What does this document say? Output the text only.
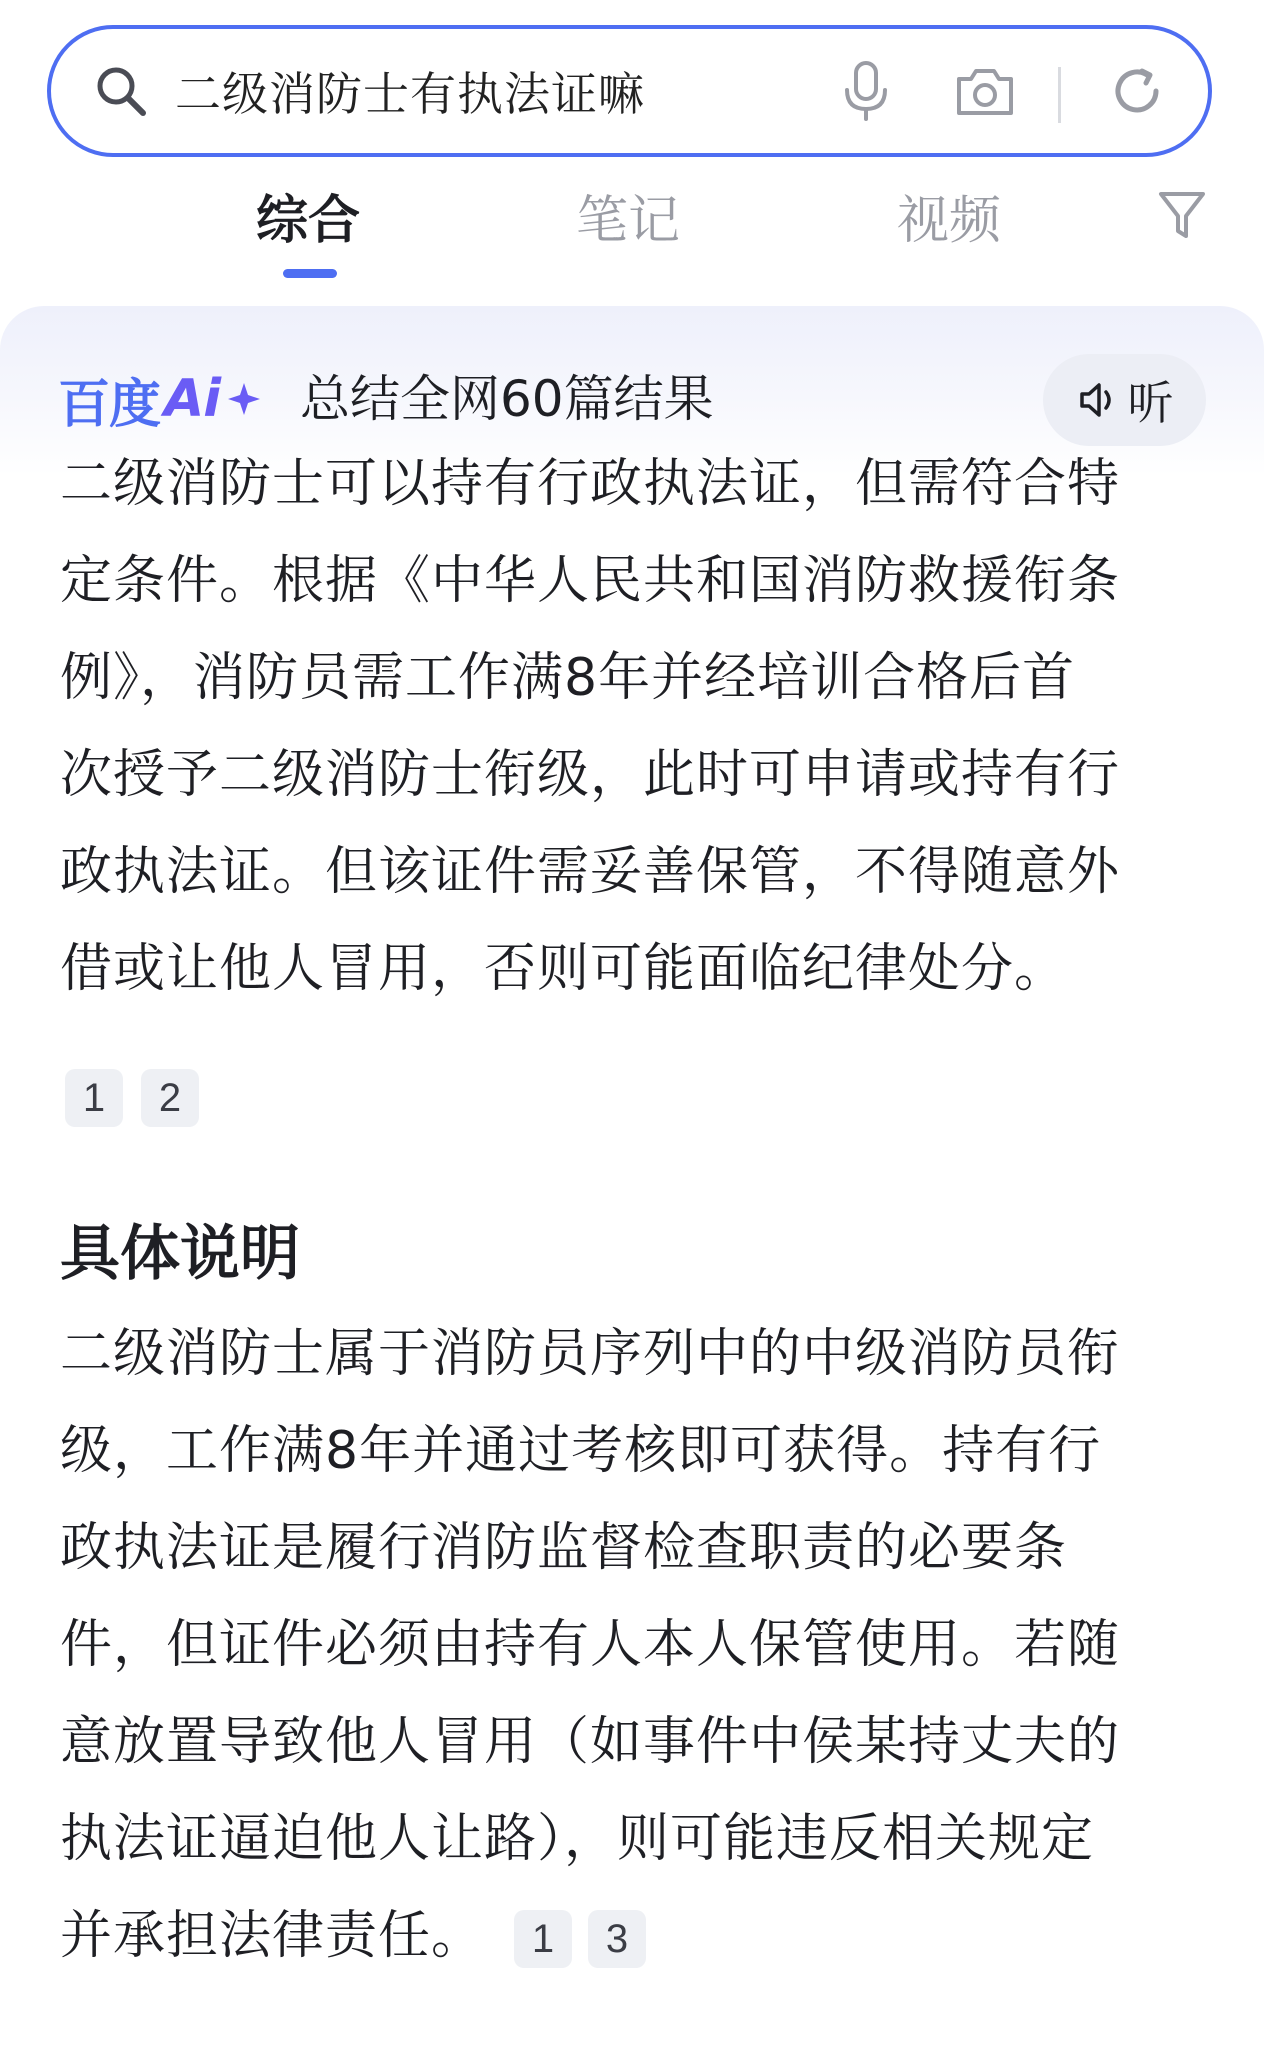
二级消防士有执法证嘛
综合	笔记	视频
百度 Ai 总结全网60篇结果	听

二级消防士可以持有行政执法证，但需符合特
定条件。根据《中华人民共和国消防救援衔条
例》，消防员需工作满8年并经培训合格后首
次授予二级消防士衔级，此时可申请或持有行
政执法证。但该证件需妥善保管，不得随意外
借或让他人冒用，否则可能面临纪律处分。

1	2
具体说明

二级消防士属于消防员序列中的中级消防员衔
级，工作满8年并通过考核即可获得。持有行
政执法证是履行消防监督检查职责的必要条
件，但证件必须由持有人本人保管使用。若随
意放置导致他人冒用（如事件中侯某持丈夫的
执法证逼迫他人让路），则可能违反相关规定
并承担法律责任。 1 3
